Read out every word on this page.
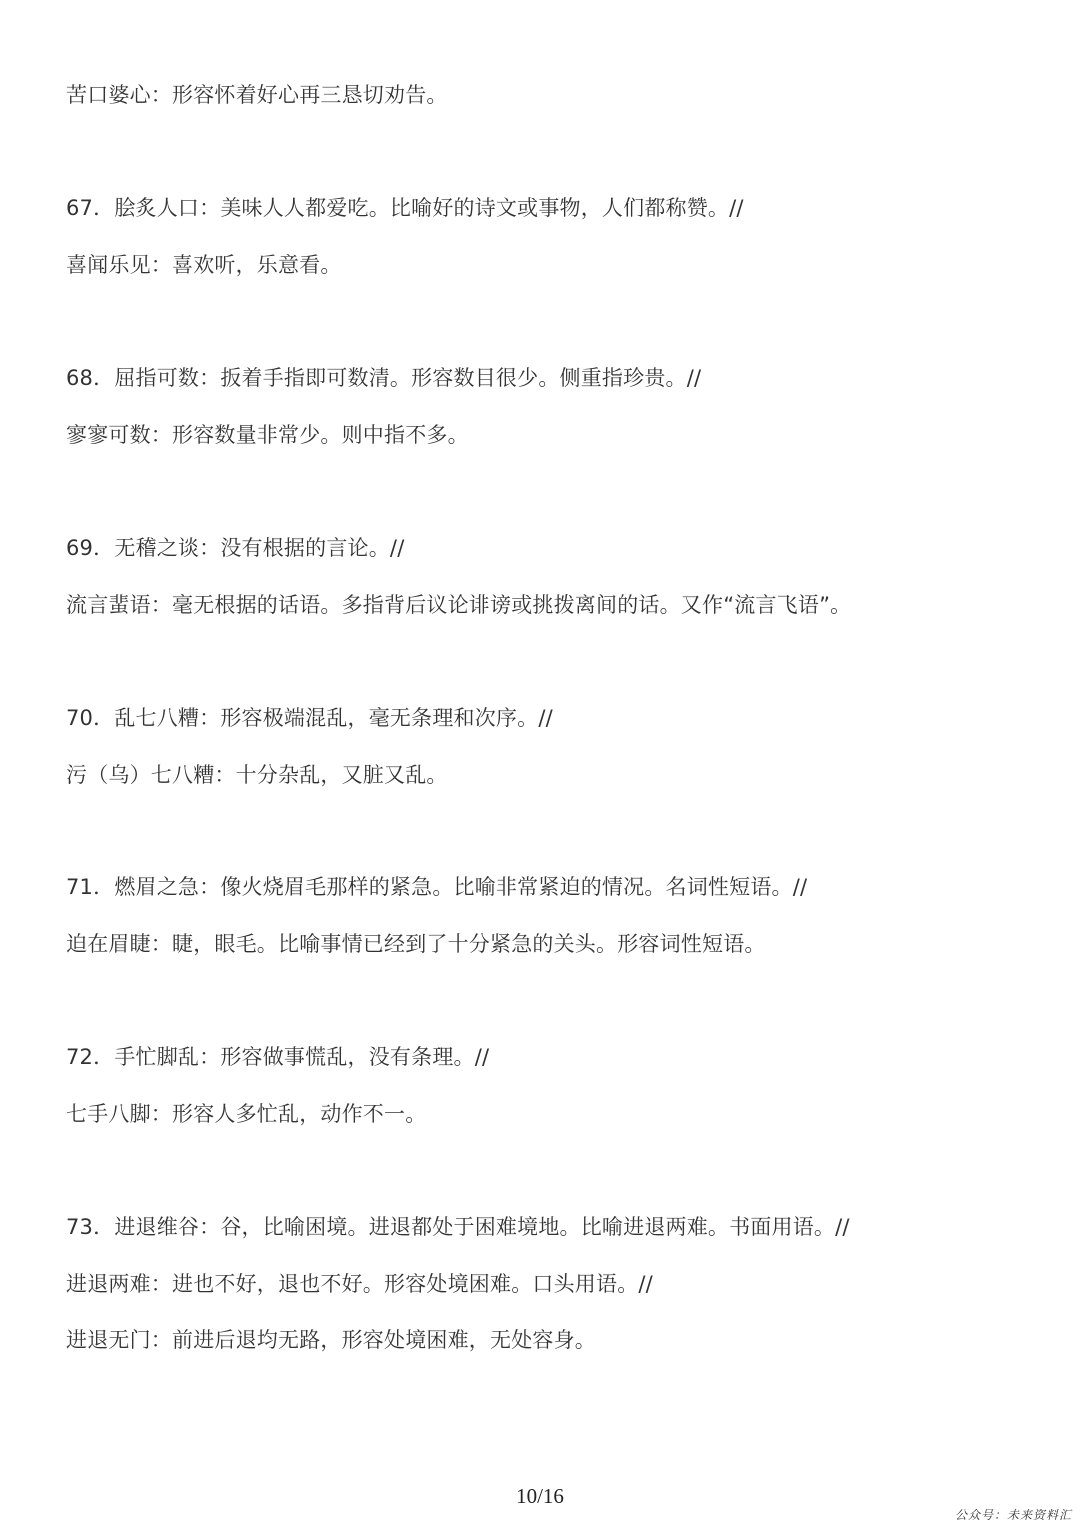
苦口婆心：形容怀着好心再三恳切劝告。
67．脍炙人口：美味人人都爱吃。比喻好的诗文或事物，人们都称赞。//
喜闻乐见：喜欢听，乐意看。
68．屈指可数：扳着手指即可数清。形容数目很少。侧重指珍贵。//
寥寥可数：形容数量非常少。则中指不多。
69．无稽之谈：没有根据的言论。//
流言蜚语：毫无根据的话语。多指背后议论诽谤或挑拨离间的话。又作“流言飞语”。
70．乱七八糟：形容极端混乱，毫无条理和次序。//
污（乌）七八糟：十分杂乱，又脏又乱。
71．燃眉之急：像火烧眉毛那样的紧急。比喻非常紧迫的情况。名词性短语。//
迫在眉睫：睫，眼毛。比喻事情已经到了十分紧急的关头。形容词性短语。
72．手忙脚乱：形容做事慌乱，没有条理。//
七手八脚：形容人多忙乱，动作不一。
73．进退维谷：谷，比喻困境。进退都处于困难境地。比喻进退两难。书面用语。//
进退两难：进也不好，退也不好。形容处境困难。口头用语。//
进退无门：前进后退均无路，形容处境困难，无处容身。
10/16
公众号：未来资料汇
